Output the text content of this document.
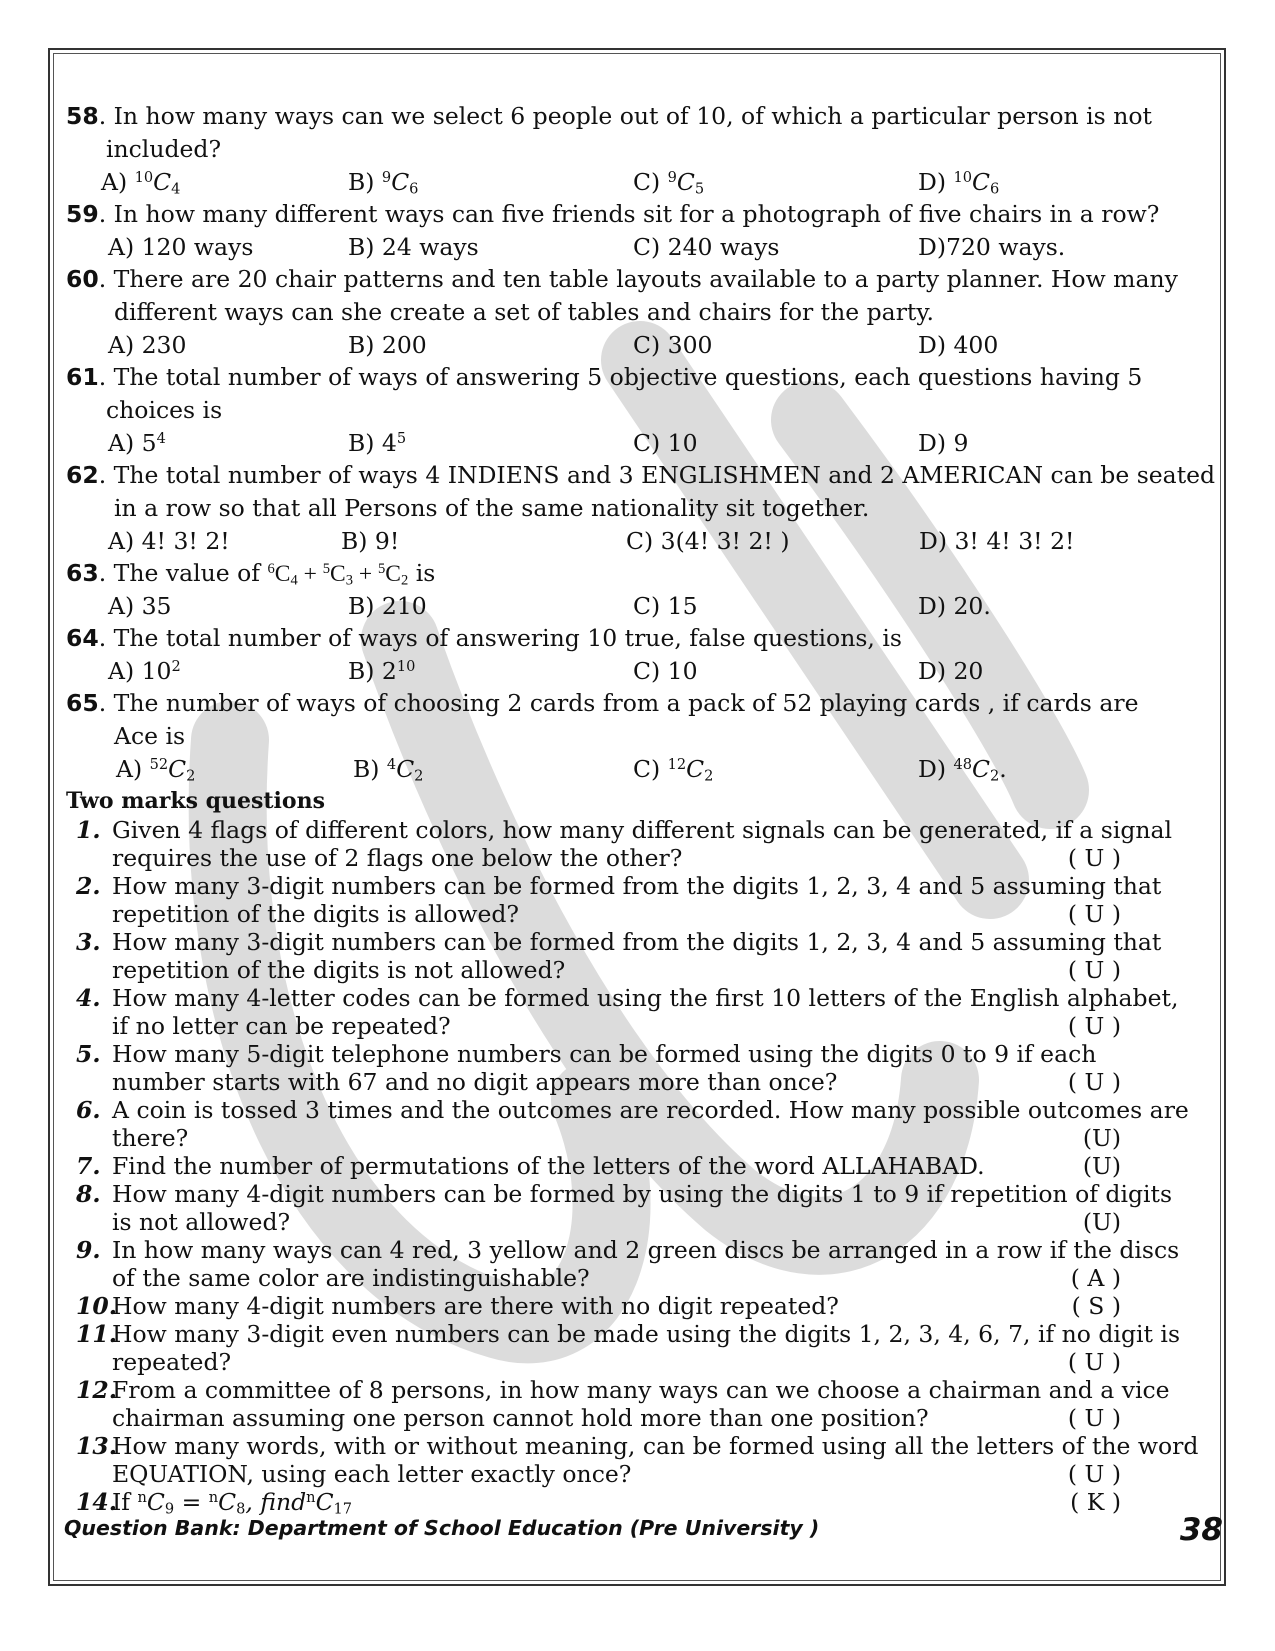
58. In how many ways can we select 6 people out of 10, of which a particular person is not
included?
A) $^{10}C_4$	B) $^9C_6$	C) $^9C_5$	D) $^{10}C_6$
59. In how many different ways can five friends sit for a photograph of five chairs in a row?
A) 120 ways	B) 24 ways	C) 240 ways	D)720 ways.
60. There are 20 chair patterns and ten table layouts available to a party planner. How many
different ways can she create a set of tables and chairs for the party.
A) 230	B) 200	C) 300	D) 400
61. The total number of ways of answering 5 objective questions, each questions having 5
choices is
A) $5^4$	B) $4^5$	C) 10	D) 9
62. The total number of ways 4 INDIENS and 3 ENGLISHMEN and 2 AMERICAN can be seated
in a row so that all Persons of the same nationality sit together.
A) 4! 3! 2!	B) 9!	C) 3(4! 3! 2! )	D) 3! 4! 3! 2!
63. The value of $^6C_4 + ^5C_3 + ^5C_2$ is
A) 35	B) 210	C) 15	D) 20.
64. The total number of ways of answering 10 true, false questions, is
A) $10^2$	B) $2^{10}$	C) 10	D) 20
65. The number of ways of choosing 2 cards from a pack of 52 playing cards , if cards are
Ace is
A) $^{52}C_2$	B) $^4C_2$	C) $^{12}C_2$	D) $^{48}C_2$.
Two marks questions
1. Given 4 flags of different colors, how many different signals can be generated, if a signal
requires the use of 2 flags one below the other?	( U )
2. How many 3-digit numbers can be formed from the digits 1, 2, 3, 4 and 5 assuming that
repetition of the digits is allowed?	( U )
3. How many 3-digit numbers can be formed from the digits 1, 2, 3, 4 and 5 assuming that
repetition of the digits is not allowed?	( U )
4. How many 4-letter codes can be formed using the first 10 letters of the English alphabet,
if no letter can be repeated?	( U )
5. How many 5-digit telephone numbers can be formed using the digits 0 to 9 if each
number starts with 67 and no digit appears more than once?	( U )
6. A coin is tossed 3 times and the outcomes are recorded. How many possible outcomes are
there?	(U)
7. Find the number of permutations of the letters of the word ALLAHABAD.	(U)
8. How many 4-digit numbers can be formed by using the digits 1 to 9 if repetition of digits
is not allowed?	(U)
9. In how many ways can 4 red, 3 yellow and 2 green discs be arranged in a row if the discs
of the same color are indistinguishable?	( A )
10.
How many 4-digit numbers are there with no digit repeated?	( S )
11.
How many 3-digit even numbers can be made using the digits 1, 2, 3, 4, 6, 7, if no digit is
repeated?	( U )
12.
From a committee of 8 persons, in how many ways can we choose a chairman and a vice
chairman assuming one person cannot hold more than one position?	( U )
13.
How many words, with or without meaning, can be formed using all the letters of the word
EQUATION, using each letter exactly once?	( U )
14.
If $^nC_9 = ^nC_8$, $find^nC_{17}$	( K )
Question Bank: Department of School Education (Pre University )	38
